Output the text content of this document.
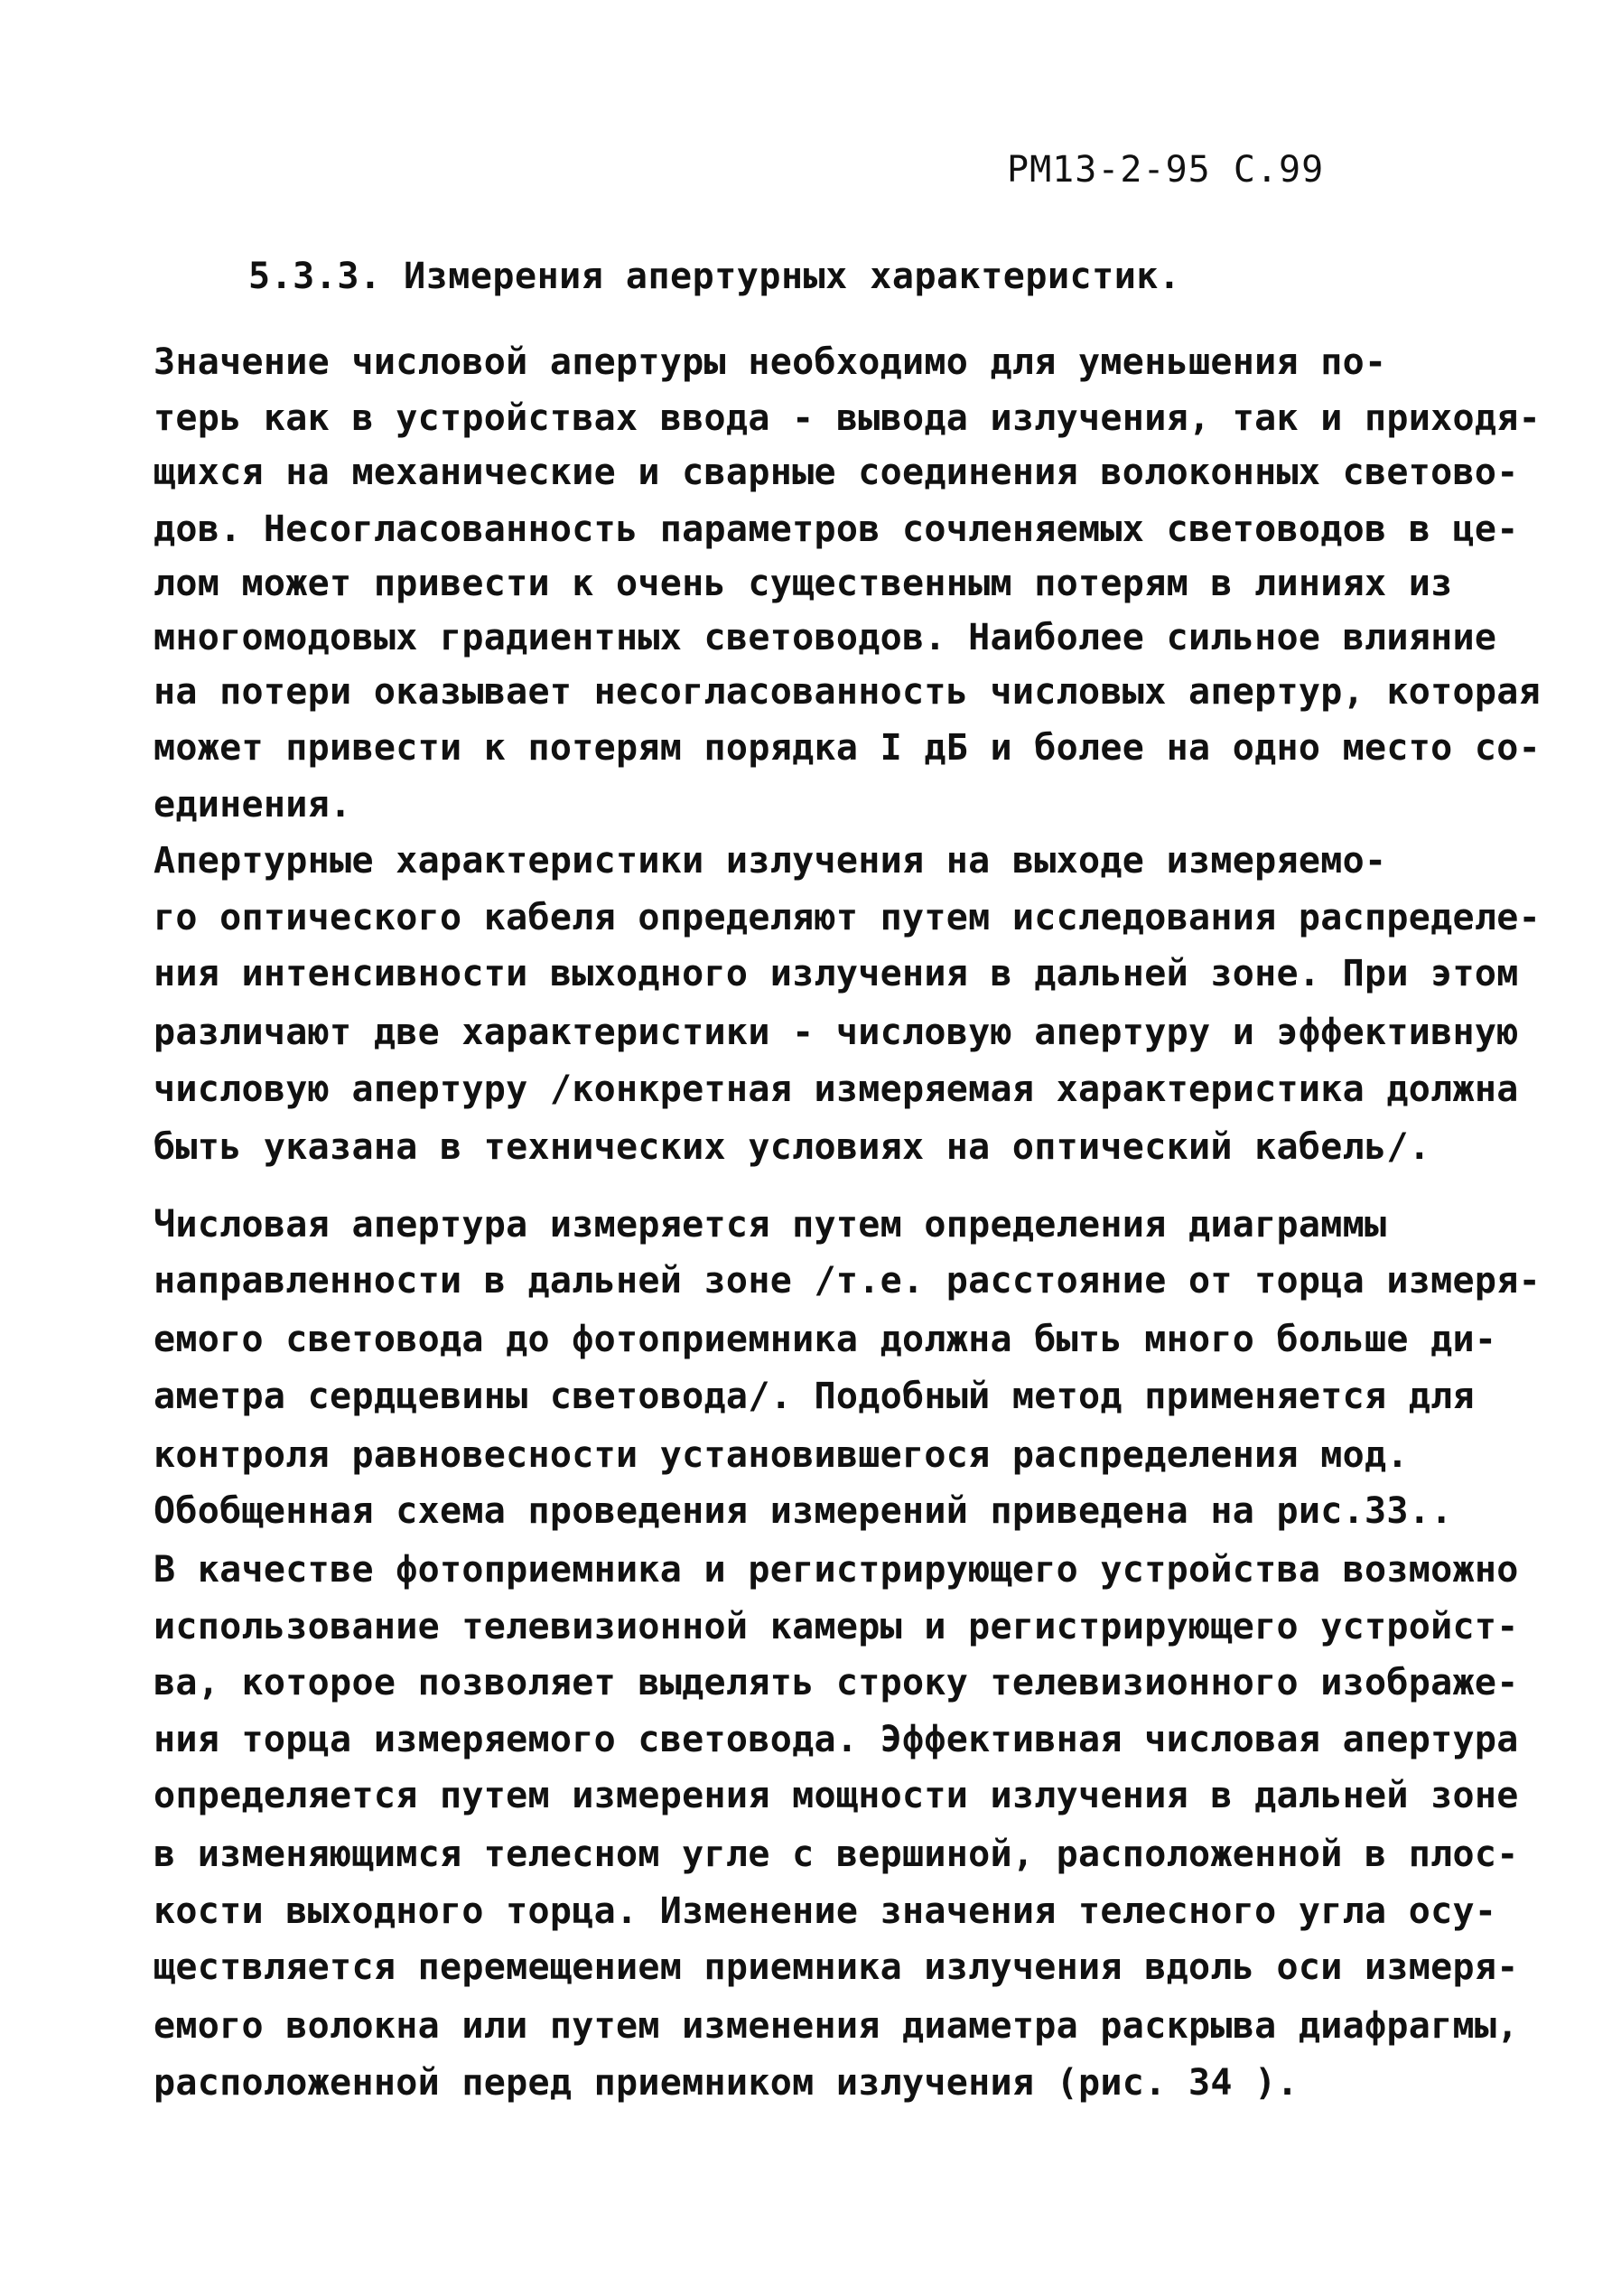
РМ13-2-95 С.99
5.3.3. Измерения апертурных характеристик.
Значение числовой апертуры необходимо для уменьшения по-
терь как в устройствах ввода - вывода излучения, так и приходя-
щихся на механические и сварные соединения волоконных светово-
дов. Несогласованность параметров сочленяемых световодов в це-
лом может привести к очень существенным потерям в линиях из
многомодовых градиентных световодов. Наиболее сильное влияние
на потери оказывает несогласованность числовых апертур, которая
может привести к потерям порядка I дБ и более на одно место со-
единения.
Апертурные характеристики излучения на выходе измеряемо-
го оптического кабеля определяют путем исследования распределе-
ния интенсивности выходного излучения в дальней зоне. При этом
различают две характеристики - числовую апертуру и эффективную
числовую апертуру /конкретная измеряемая характеристика должна
быть указана в технических условиях на оптический кабель/.
Числовая апертура измеряется путем определения диаграммы
направленности в дальней зоне /т.е. расстояние от торца измеря-
емого световода до фотоприемника должна быть много больше ди-
аметра сердцевины световода/. Подобный метод применяется для
контроля равновесности установившегося распределения мод.
Обобщенная схема проведения измерений приведена на рис.33..
В качестве фотоприемника и регистрирующего устройства возможно
использование телевизионной камеры и регистрирующего устройст-
ва, которое позволяет выделять строку телевизионного изображе-
ния торца измеряемого световода. Эффективная числовая апертура
определяется путем измерения мощности излучения в дальней зоне
в изменяющимся телесном угле с вершиной, расположенной в плос-
кости выходного торца. Изменение значения телесного угла осу-
ществляется перемещением приемника излучения вдоль оси измеря-
емого волокна или путем изменения диаметра раскрыва диафрагмы,
расположенной перед приемником излучения (рис. 34 ).
